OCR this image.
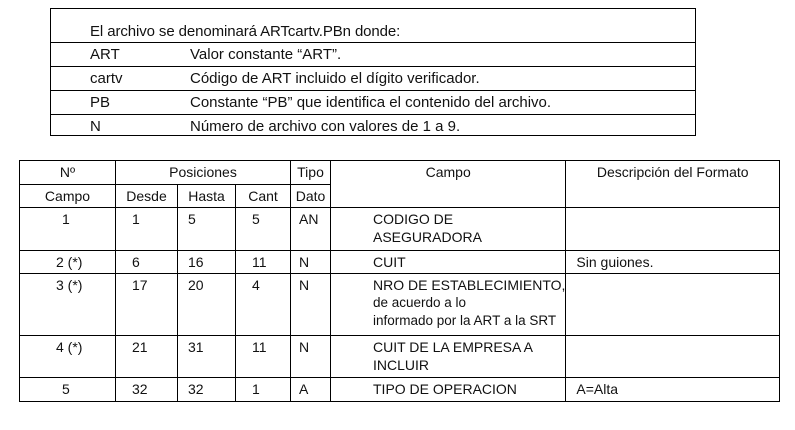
El archivo se denominará ARTcartv.PBn donde:
ART	Valor constante “ART”.
cartv	Código de ART incluido el dígito verificador.
PB	Constante “PB” que identifica el contenido del archivo.
N	Número de archivo con valores de 1 a 9.
Nº	Posiciones			Tipo	Campo	Descripción del Formato
Campo	Desde	Hasta	Cant	Dato		
1	1	5	5	AN	CODIGO DE
ASEGURADORA	

2 (*)	6	16	11	N	CUIT	Sin guiones.
3 (*)	17	20	4	N	NRO DE ESTABLECIMIENTO,
de acuerdo a lo
informado por la ART a la SRT	

4 (*)	21	31	11	N	CUIT DE LA EMPRESA A
INCLUIR	

5	32	32	1	A	TIPO DE OPERACION	A=Alta
